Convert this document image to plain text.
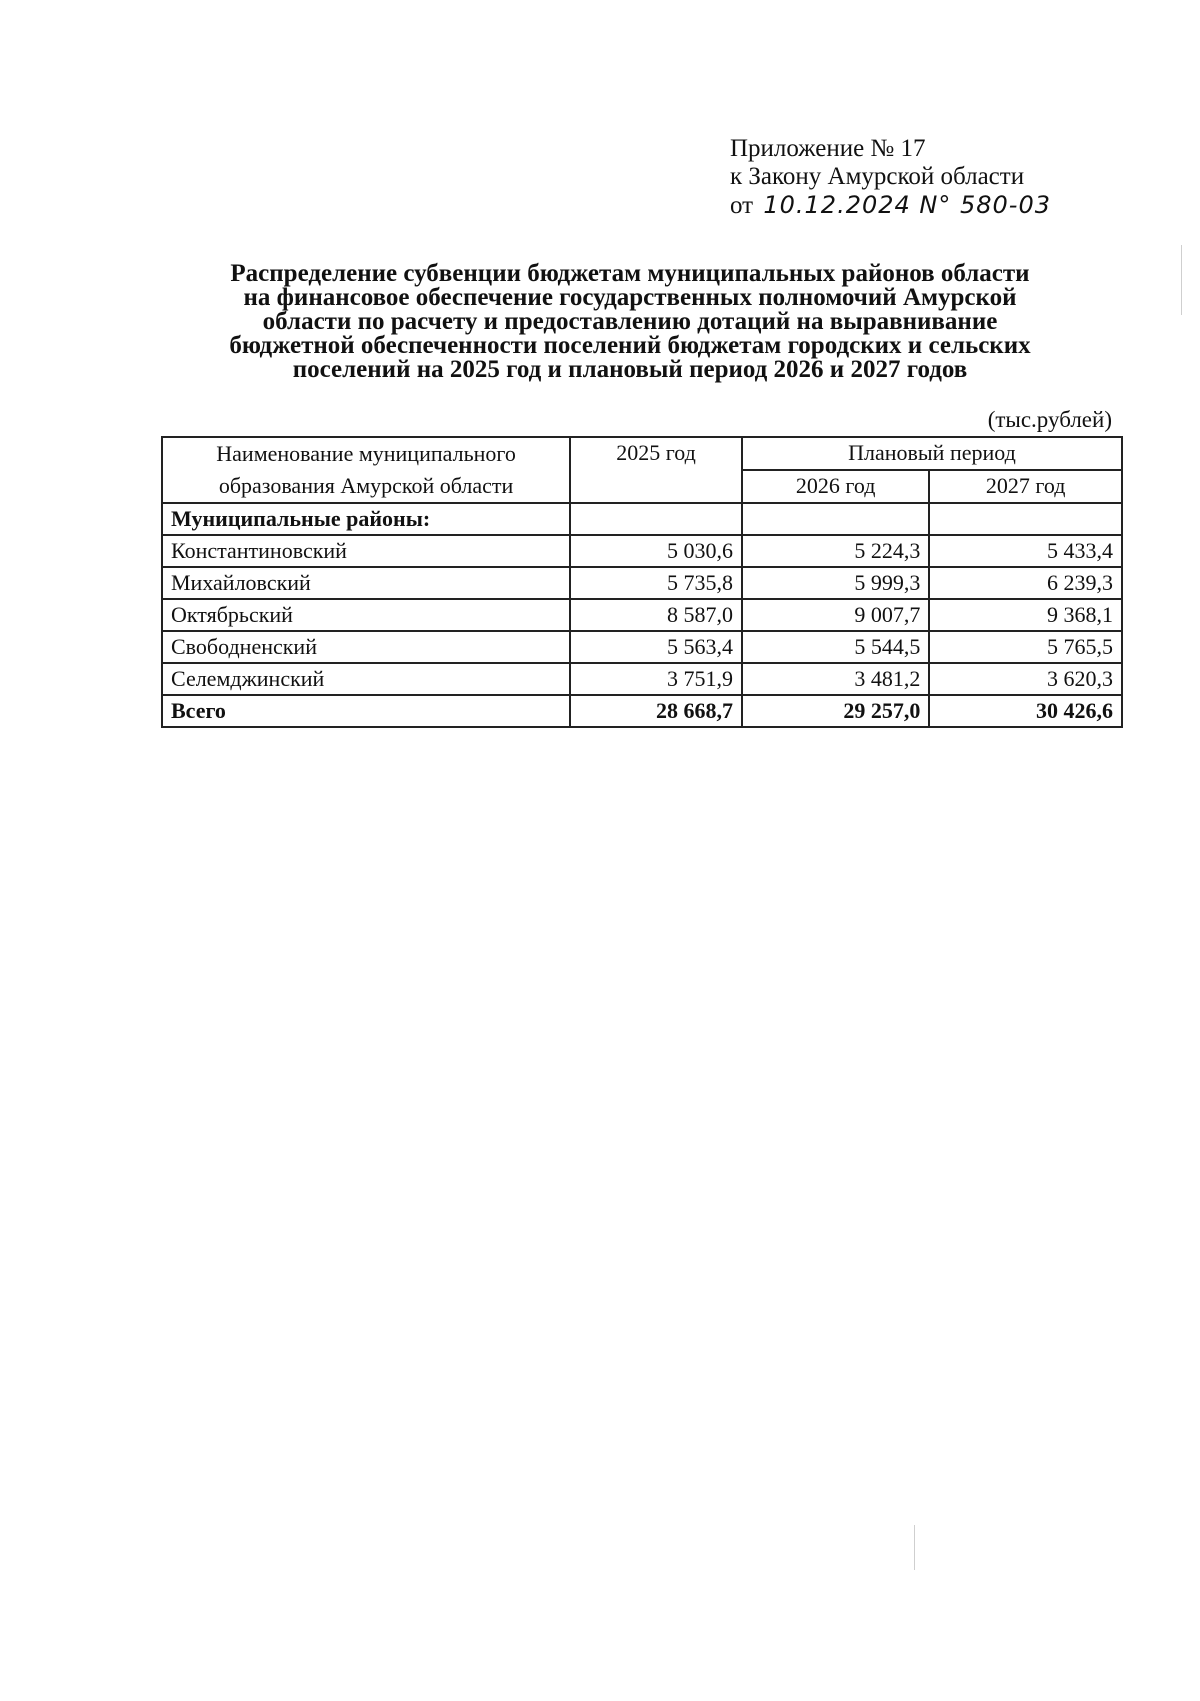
Приложение № 17
к Закону Амурской области
от 10.12.2024 N° 580-03
Распределение субвенции бюджетам муниципальных районов области
на финансовое обеспечение государственных полномочий Амурской
области по расчету и предоставлению дотаций на выравнивание
бюджетной обеспеченности поселений бюджетам городских и сельских
поселений на 2025 год и плановый период 2026 и 2027 годов
(тыс.рублей)
Наименование муниципального
образования Амурской области	2025 год	Плановый период	
		2026 год	2027 год
Муниципальные районы:			
Константиновский	5 030,6	5 224,3	5 433,4
Михайловский	5 735,8	5 999,3	6 239,3
Октябрьский	8 587,0	9 007,7	9 368,1
Свободненский	5 563,4	5 544,5	5 765,5
Селемджинский	3 751,9	3 481,2	3 620,3
Всего	28 668,7	29 257,0	30 426,6
